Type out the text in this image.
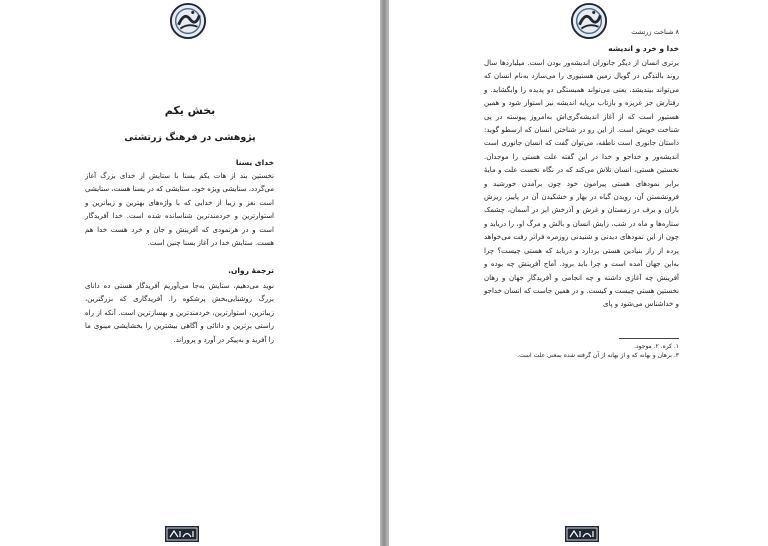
بخش یکم
پژوهشی در فرهنگ زرتشتی
خدای یسنا
نخستین بند از هات یکم یسنا با ستایش از خدای بزرگ آغاز می‌گردد، ستایشی ویژه خود، ستایشی که در یسنا هست، ستایشی است نغز و زیبا از خدایی که با واژه‌های بهترین و زیباترین و استوارترین و خردمندترین شناسانده شده است. خدا آفریدگار است و در هرنمودی که آفرینش و جان و خرد هست خدا هم هست. ستایش خدا در آغاز یسنا چنین است.
ترجمهٔ روان.
نوید می‌دهیم، ستایش به‌جا می‌آوریم آفریدگار هستی ده دانای بزرگ روشنایی‌بخش پرشکوه را. آفریدگاری که بزرگترین، زیباترین، استوارترین، خردمندترین و بهسازترین است. آنکه از راه راستی برترین و دانائی و آگاهی بیشترین را بخشایشی مینوی ما را آفرید و به‌پیکر در آورد و پروراند.
۸ شناخت زرتشت
خدا و خرد و اندیشه
برتری انسان از دیگر جانوران اندیشه‌ور بودن است. میلیاردها سال روند بالندگی در گویال زمین هستیوری را می‌سازد به‌نام انسان که می‌تواند بیندیشد، یعنی می‌تواند همبستگی دو پدیده را وابگشاید. و رفتارش جز غریزه و بازتاب برپایه اندیشه نیز استوار شود و همین هستیور است که از آغاز اندیشه‌گری‌اش به‌امروز پیوسته در پی شناخت خویش است. از این رو در شناختن انسان که ارسطو گوید: داستان جانوری است ناطقه، می‌توان گفت که انسان جانوری است اندیشه‌ور و خداجو و خدا در این گفته علت هستی را موجدان. نخستین هستی، انسان تلاش می‌کند که در نگاه نخست علت و مایهٔ برابر نمودهای هستی پیرامون خود چون برآمدن خورشید و فرونشستن آن، رویدن گیاه در بهار و خشکیدن آن در پاییز، ریزش باران و برف در زمستان و غرش و آذرخش ابر در آسمان، چشمک ستاره‌ها و ماه در شب، زایش انسان و بالش و مرگ او، را دریابد و چون از این نمودهای دیدنی و شنیدنی روزمره فراتر رفت می‌خواهد پرده از راز بنیادین هستی بردارد و دریابد که هستی چیست؟ چرا به‌این جهان آمده است و چرا باید برود. آماج آفرینش چه بوده و آفرینش چه آغازی داشته و چه انجامی و آفریدگار جهان و رهان نخستین هستی چیست و کیست. و در همین جاست که انسان خداجو و خداشناس می‌شود و پای
۱. کره. ۲. موجود.
۳. برهان و بهانه که و از بهانه از آن گرفته شده بمعنی علت است.
